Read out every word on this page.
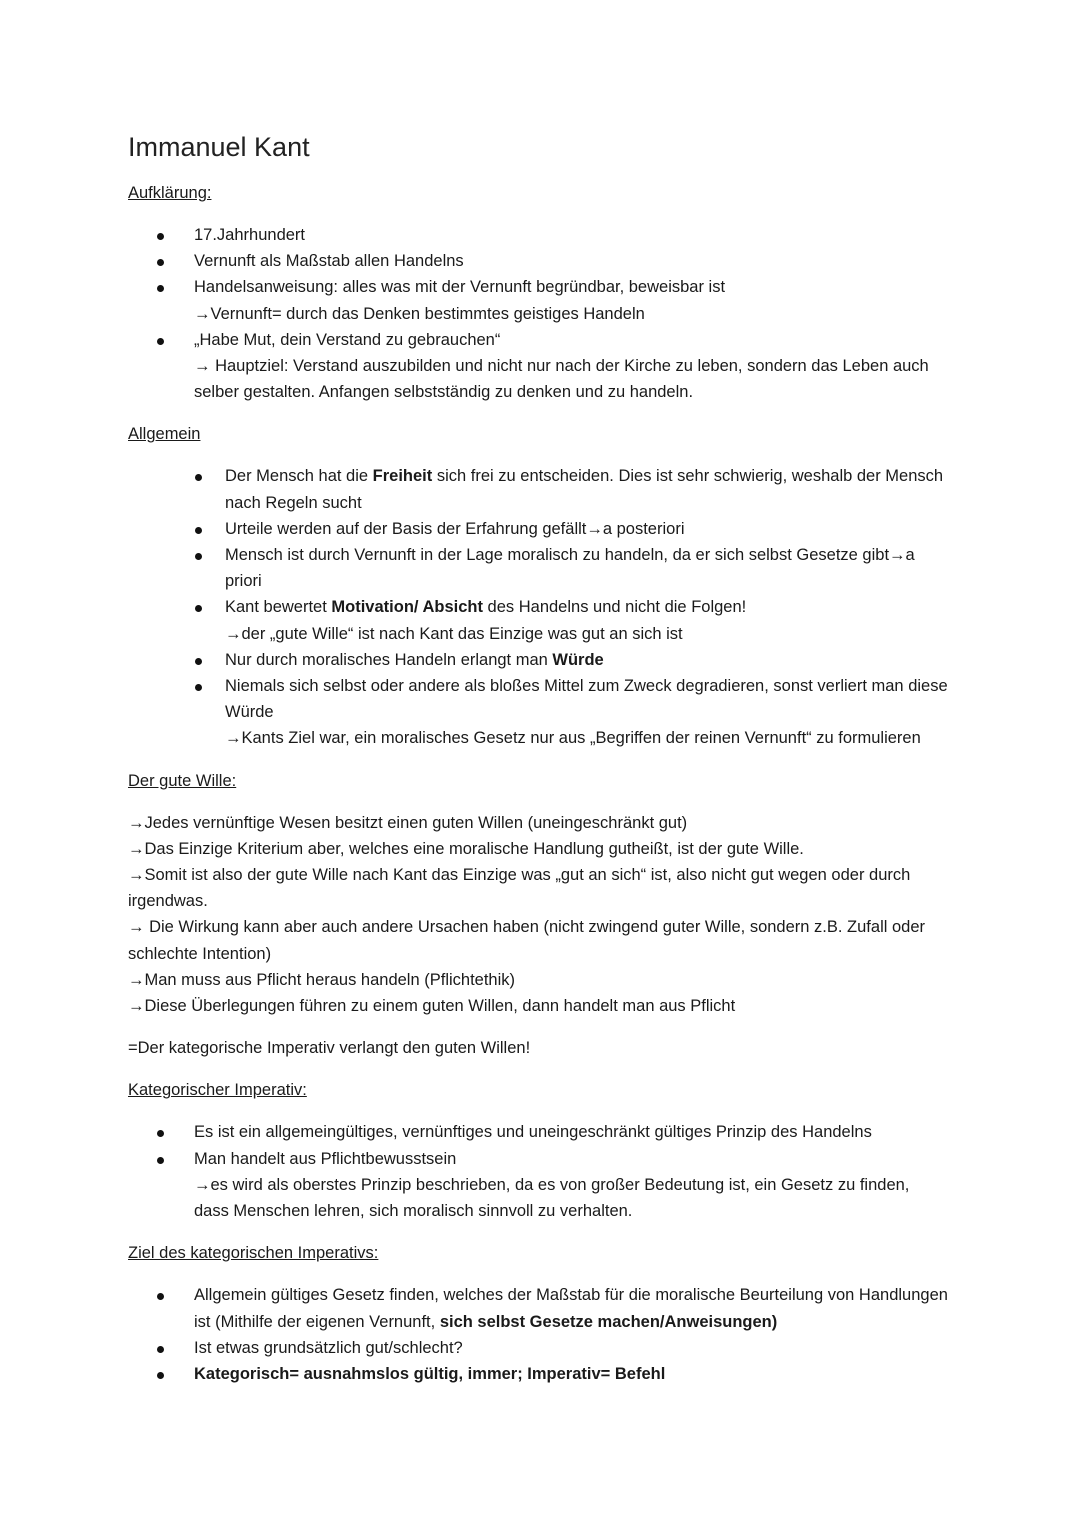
Immanuel Kant
Aufklärung:
17.Jahrhundert
Vernunft als Maßstab allen Handelns
Handelsanweisung: alles was mit der Vernunft begründbar, beweisbar ist
→Vernunft= durch das Denken bestimmtes geistiges Handeln
„Habe Mut, dein Verstand zu gebrauchen“
→ Hauptziel: Verstand auszubilden und nicht nur nach der Kirche zu leben, sondern das Leben auch selber gestalten. Anfangen selbstständig zu denken und zu handeln.
Allgemein
Der Mensch hat die Freiheit sich frei zu entscheiden. Dies ist sehr schwierig, weshalb der Mensch nach Regeln sucht
Urteile werden auf der Basis der Erfahrung gefällt→a posteriori
Mensch ist durch Vernunft in der Lage moralisch zu handeln, da er sich selbst Gesetze gibt→a priori
Kant bewertet Motivation/ Absicht des Handelns und nicht die Folgen!
→der „gute Wille“ ist nach Kant das Einzige was gut an sich ist
Nur durch moralisches Handeln erlangt man Würde
Niemals sich selbst oder andere als bloßes Mittel zum Zweck degradieren, sonst verliert man diese Würde
→Kants Ziel war, ein moralisches Gesetz nur aus „Begriffen der reinen Vernunft“ zu formulieren
Der gute Wille:
→Jedes vernünftige Wesen besitzt einen guten Willen (uneingeschränkt gut)
→Das Einzige Kriterium aber, welches eine moralische Handlung gutheißt, ist der gute Wille.
→Somit ist also der gute Wille nach Kant das Einzige was „gut an sich“ ist, also nicht gut wegen oder durch irgendwas.
→ Die Wirkung kann aber auch andere Ursachen haben (nicht zwingend guter Wille, sondern z.B. Zufall oder schlechte Intention)
→Man muss aus Pflicht heraus handeln (Pflichtethik)
→Diese Überlegungen führen zu einem guten Willen, dann handelt man aus Pflicht
=Der kategorische Imperativ verlangt den guten Willen!
Kategorischer Imperativ:
Es ist ein allgemeingültiges, vernünftiges und uneingeschränkt gültiges Prinzip des Handelns
Man handelt aus Pflichtbewusstsein
→es wird als oberstes Prinzip beschrieben, da es von großer Bedeutung ist, ein Gesetz zu finden, dass Menschen lehren, sich moralisch sinnvoll zu verhalten.
Ziel des kategorischen Imperativs:
Allgemein gültiges Gesetz finden, welches der Maßstab für die moralische Beurteilung von Handlungen ist (Mithilfe der eigenen Vernunft, sich selbst Gesetze machen/Anweisungen)
Ist etwas grundsätzlich gut/schlecht?
Kategorisch= ausnahmslos gültig, immer; Imperativ= Befehl
